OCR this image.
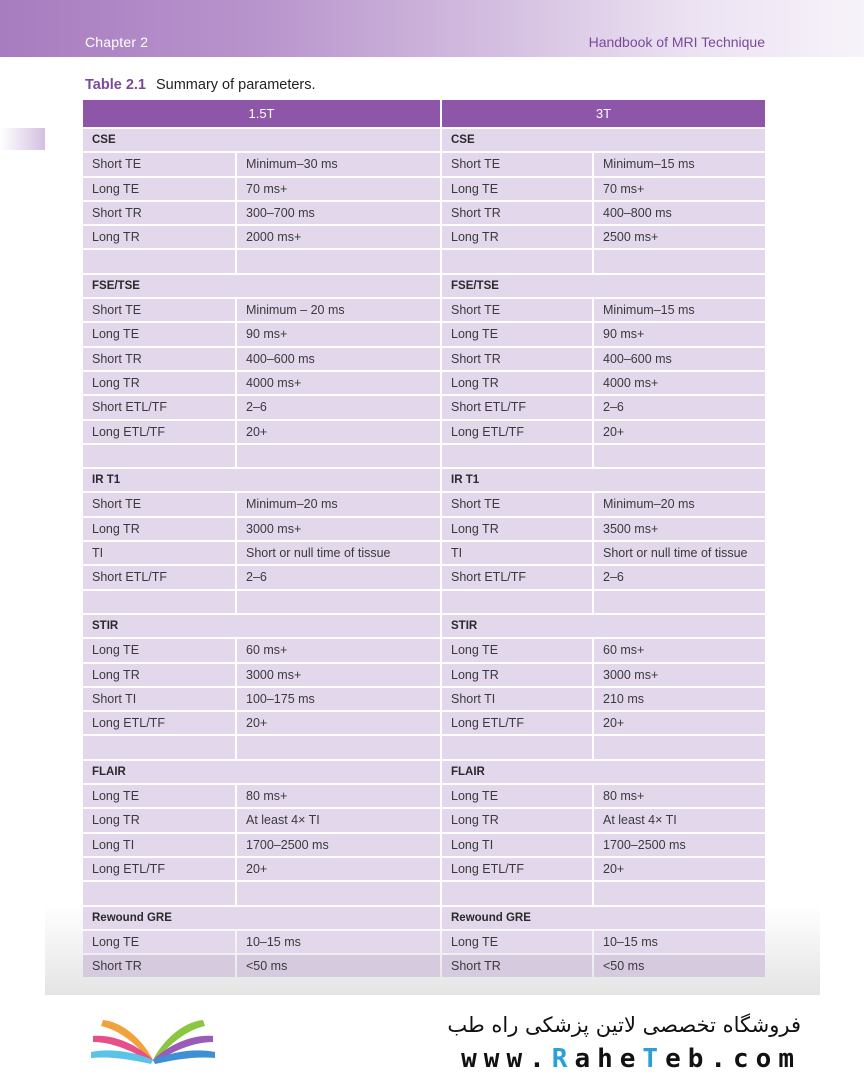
Chapter 2	Handbook of MRI Technique
Table 2.1 Summary of parameters.
1.5T	3T
CSE	CSE
Short TE	Minimum–30 ms	Short TE	Minimum–15 ms
Long TE	70 ms+	Long TE	70 ms+
Short TR	300–700 ms	Short TR	400–800 ms
Long TR	2000 ms+	Long TR	2500 ms+
FSE/TSE	FSE/TSE
Short TE	Minimum – 20 ms	Short TE	Minimum–15 ms
Long TE	90 ms+	Long TE	90 ms+
Short TR	400–600 ms	Short TR	400–600 ms
Long TR	4000 ms+	Long TR	4000 ms+
Short ETL/TF	2–6	Short ETL/TF	2–6
Long ETL/TF	20+	Long ETL/TF	20+
IR T1	IR T1
Short TE	Minimum–20 ms	Short TE	Minimum–20 ms
Long TR	3000 ms+	Long TR	3500 ms+
TI	Short or null time of tissue	TI	Short or null time of tissue
Short ETL/TF	2–6	Short ETL/TF	2–6
STIR	STIR
Long TE	60 ms+	Long TE	60 ms+
Long TR	3000 ms+	Long TR	3000 ms+
Short TI	100–175 ms	Short TI	210 ms
Long ETL/TF	20+	Long ETL/TF	20+
FLAIR	FLAIR
Long TE	80 ms+	Long TE	80 ms+
Long TR	At least 4× TI	Long TR	At least 4× TI
Long TI	1700–2500 ms	Long TI	1700–2500 ms
Long ETL/TF	20+	Long ETL/TF	20+
Rewound GRE	Rewound GRE
Long TE	10–15 ms	Long TE	10–15 ms
Short TR	<50 ms	Short TR	<50 ms
فروشگاه تخصصی لاتین پزشکی راه طب
www.RaheTeb.com
